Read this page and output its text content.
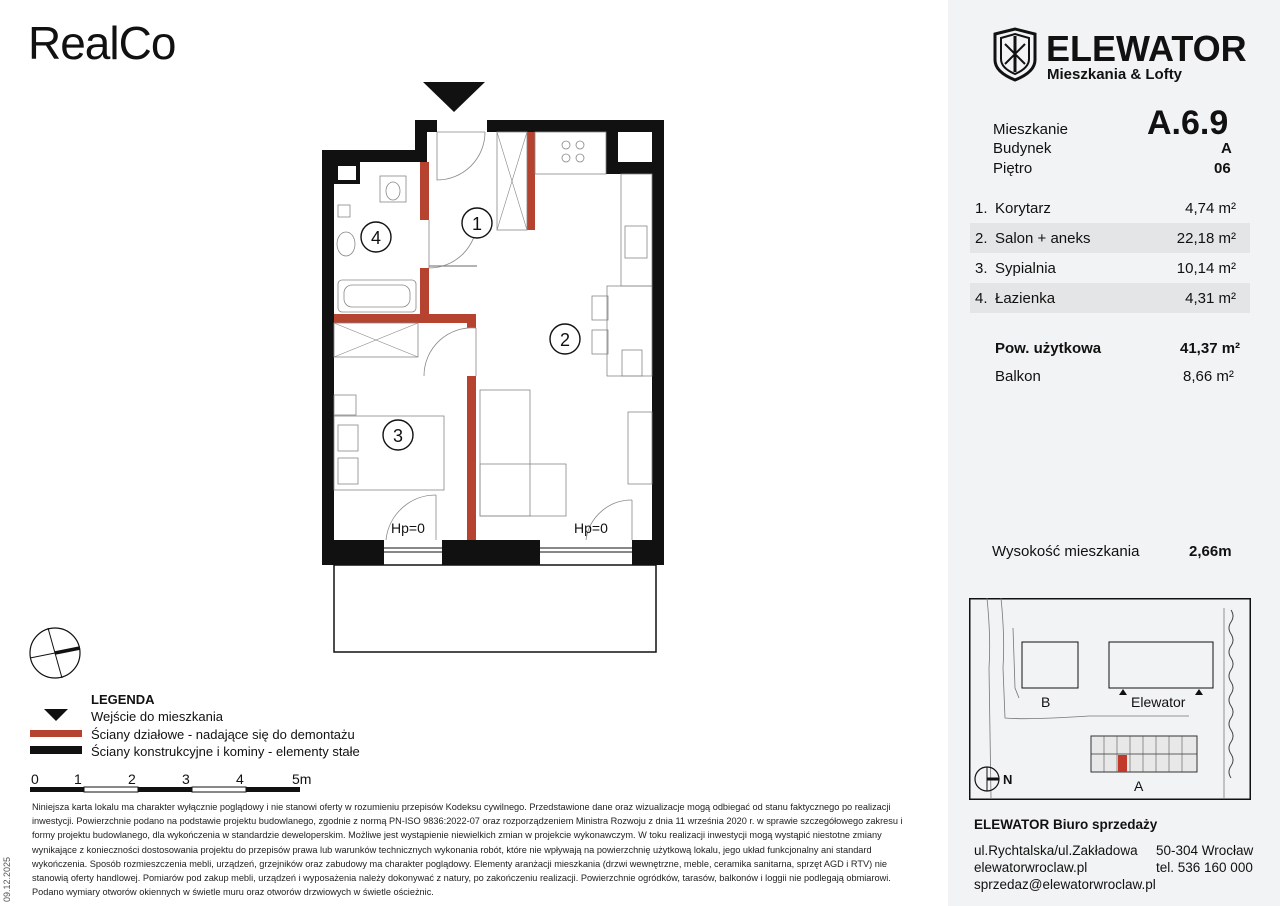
RealCo	ELEWATOR
Mieszkania & Lofty
Mieszkanie A.6.9
Budynek	A
Piętro	06
1. Korytarz	4,74 m²
2. Salon + aneks	22,18 m²
3. Sypialnia	10,14 m²
4. Łazienka	4,31 m²
Pow. użytkowa	41,37 m²
Balkon	8,66 m²
Wysokość mieszkania	2,66m
B	Elewator
A
N
ELEWATOR Biuro sprzedaży
ul.Rychtalska/ul.Zakładowa 50-304 Wrocław
elewatorwroclaw.pl	tel. 536 160 000
sprzedaz@elewatorwroclaw.pl
1
2
3
4
Hp=0	Hp=0
LEGENDA
Wejście do mieszkania
Ściany działowe - nadające się do demontażu
Ściany konstrukcyjne i kominy - elementy stałe
0	1	2	3	4	5m
Niniejsza karta lokalu ma charakter wyłącznie poglądowy i nie stanowi oferty w rozumieniu przepisów Kodeksu cywilnego. Przedstawione dane oraz wizualizacje mogą odbiegać od stanu faktycznego po realizacji inwestycji. Powierzchnie podano na podstawie projektu budowlanego, zgodnie z normą PN-ISO 9836:2022-07 oraz rozporządzeniem Ministra Rozwoju z dnia 11 września 2020 r. w sprawie szczegółowego zakresu i formy projektu budowlanego, dla wykończenia w standardzie deweloperskim. Możliwe jest wystąpienie niewielkich zmian w projekcie wykonawczym. W toku realizacji inwestycji mogą wystąpić niestotne zmiany wynikające z konieczności dostosowania projektu do przepisów prawa lub warunków technicznych wykonania robót, które nie wpływają na powierzchnię użytkową lokalu, jego układ funkcjonalny ani standard wykończenia. Sposób rozmieszczenia mebli, urządzeń, grzejników oraz zabudowy ma charakter poglądowy. Elementy aranżacji mieszkania (drzwi wewnętrzne, meble, ceramika sanitarna, sprzęt AGD i RTV) nie stanowią oferty handlowej. Pomiarów pod zakup mebli, urządzeń i wyposażenia należy dokonywać z natury, po zakończeniu realizacji. Powierzchnie ogródków, tarasów, balkonów i loggii nie podlegają obmiarowi. Podano wymiary otworów okiennych w świetle muru oraz otworów drzwiowych w świetle ościeżnic.
09.12.2025
